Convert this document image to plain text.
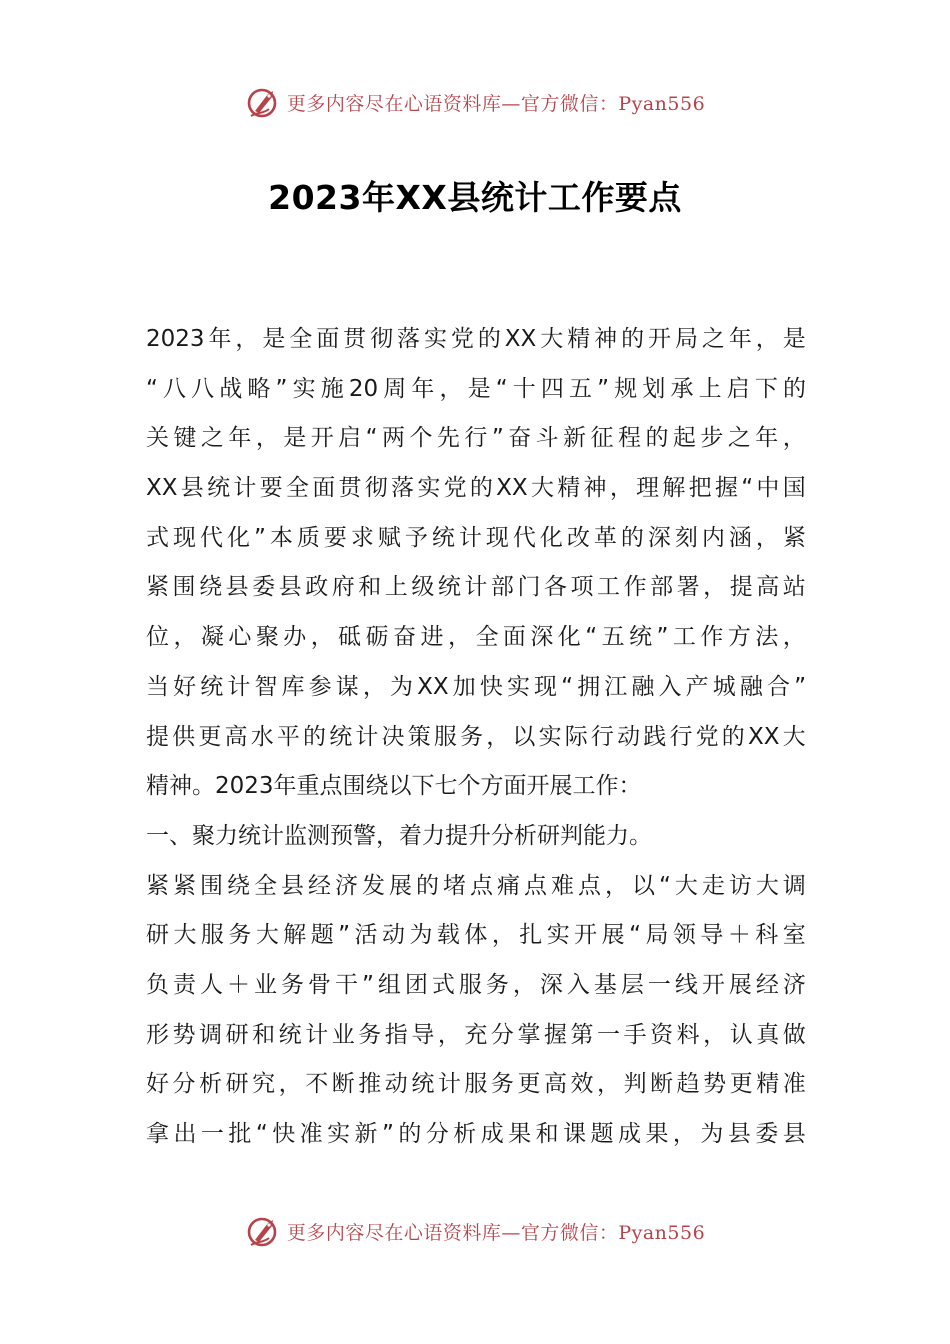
更多内容尽在心语资料库—官方微信：Pyan556
2023年XX县统计工作要点
2023 年 ， 是 全 面 贯 彻 落 实 党 的 XX 大 精 神 的 开 局 之 年 ， 是
“ 八 八 战 略 ” 实 施 20 周 年 ， 是 “ 十 四 五 ” 规 划 承 上 启 下 的
关 键 之 年 ， 是 开 启 “ 两 个 先 行 ” 奋 斗 新 征 程 的 起 步 之 年 ，
XX 县 统 计 要 全 面 贯 彻 落 实 党 的 XX 大 精 神 ， 理 解 把 握 “ 中 国
式 现 代 化 ” 本 质 要 求 赋 予 统 计 现 代 化 改 革 的 深 刻 内 涵 ， 紧
紧 围 绕 县 委 县 政 府 和 上 级 统 计 部 门 各 项 工 作 部 署 ， 提 高 站
位 ， 凝 心 聚 办 ， 砥 砺 奋 进 ， 全 面 深 化 “ 五 统 ” 工 作 方 法 ，
当 好 统 计 智 库 参 谋 ， 为 XX 加 快 实 现 “ 拥 江 融 入 产 城 融 合 ”
提 供 更 高 水 平 的 统 计 决 策 服 务 ， 以 实 际 行 动 践 行 党 的 XX 大
精神。2023年重点围绕以下七个方面开展工作：
一、聚力统计监测预警，着力提升分析研判能力。
紧 紧 围 绕 全 县 经 济 发 展 的 堵 点 痛 点 难 点 ， 以 “ 大 走 访 大 调
研 大 服 务 大 解 题 ” 活 动 为 载 体 ， 扎 实 开 展 “ 局 领 导 ＋ 科 室
负 责 人 ＋ 业 务 骨 干 ” 组 团 式 服 务 ， 深 入 基 层 一 线 开 展 经 济
形 势 调 研 和 统 计 业 务 指 导 ， 充 分 掌 握 第 一 手 资 料 ， 认 真 做
好 分 析 研 究 ， 不 断 推 动 统 计 服 务 更 高 效 ， 判 断 趋 势 更 精 准
拿 出 一 批 “ 快 准 实 新 ” 的 分 析 成 果 和 课 题 成 果 ， 为 县 委 县
更多内容尽在心语资料库—官方微信：Pyan556
